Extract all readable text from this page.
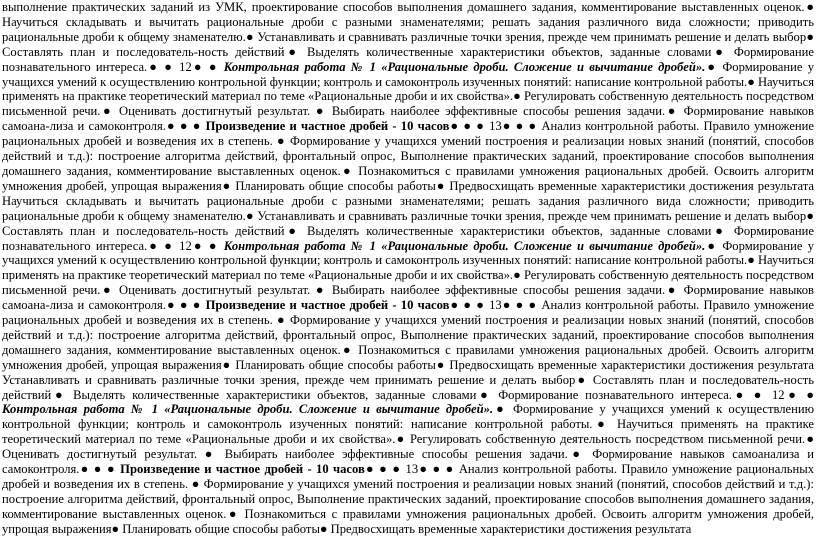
выполнение практических заданий из УМК, проектирование способов выполнения домашнего задания, комментирование выставленных оценок.● Научиться складывать и вычитать рациональные дроби с разными знаменателями; решать задания различного вида сложности; приводить рациональные дроби к общему знаменателю.● Устанавливать и сравнивать различные точки зрения, прежде чем принимать решение и делать выбор● Составлять план и последователь-ность действий● Выделять количественные характеристики объектов, заданные словами● Формирование познавательного интереса.● ● 12● ● Контрольная работа № 1 «Рациональные дроби. Сложение и вычитание дробей».● Формирование у учащихся умений к осуществлению контрольной функции; контроль и самоконтроль изученных понятий: написание контрольной работы.● Научиться применять на практике теоретический материал по теме «Рациональные дроби и их свойства».● Регулировать собственную деятельность посредством письменной речи.● Оценивать достигнутый результат. ● Выбирать наиболее эффективные способы решения задачи.● Формирование навыков самоана-лиза и самоконтроля.● ● ● Произведение и частное дробей - 10 часов● ● ● 13● ● ● Анализ контрольной работы. Правило умножение рациональных дробей и возведения их в степень. ● Формирование у учащихся умений построения и реализации новых знаний (понятий, способов действий и т.д.): построение алгоритма действий, фронтальный опрос, Выполнение практических заданий, проектирование способов выполнения домашнего задания, комментирование выставленных оценок.● Познакомиться с правилами умножения рациональных дробей. Освоить алгоритм умножения дробей, упрощая выражения● Планировать общие способы работы● Предвосхищать временные характеристики достижения результата Научиться складывать и вычитать рациональные дроби с разными знаменателями; решать задания различного вида сложности; приводить рациональные дроби к общему знаменателю.● Устанавливать и сравнивать различные точки зрения, прежде чем принимать решение и делать выбор● Составлять план и последователь-ность действий● Выделять количественные характеристики объектов, заданные словами● Формирование познавательного интереса.● ● 12● ● Контрольная работа № 1 «Рациональные дроби. Сложение и вычитание дробей».● Формирование у учащихся умений к осуществлению контрольной функции; контроль и самоконтроль изученных понятий: написание контрольной работы.● Научиться применять на практике теоретический материал по теме «Рациональные дроби и их свойства».● Регулировать собственную деятельность посредством письменной речи.● Оценивать достигнутый результат. ● Выбирать наиболее эффективные способы решения задачи.● Формирование навыков самоана-лиза и самоконтроля.● ● ● Произведение и частное дробей - 10 часов● ● ● 13● ● ● Анализ контрольной работы. Правило умножение рациональных дробей и возведения их в степень. ● Формирование у учащихся умений построения и реализации новых знаний (понятий, способов действий и т.д.): построение алгоритма действий, фронтальный опрос, Выполнение практических заданий, проектирование способов выполнения домашнего задания, комментирование выставленных оценок.● Познакомиться с правилами умножения рациональных дробей. Освоить алгоритм умножения дробей, упрощая выражения● Планировать общие способы работы● Предвосхищать временные характеристики достижения результата Устанавливать и сравнивать различные точки зрения, прежде чем принимать решение и делать выбор● Составлять план и последователь-ность действий● Выделять количественные характеристики объектов, заданные словами● Формирование познавательного интереса.● ● 12● ● Контрольная работа № 1 «Рациональные дроби. Сложение и вычитание дробей».● Формирование у учащихся умений к осуществлению контрольной функции; контроль и самоконтроль изученных понятий: написание контрольной работы.● Научиться применять на практике теоретический материал по теме «Рациональные дроби и их свойства».● Регулировать собственную деятельность посредством письменной речи.● Оценивать достигнутый результат. ● Выбирать наиболее эффективные способы решения задачи.● Формирование навыков самоанализа и самоконтроля.● ● ● Произведение и частное дробей - 10 часов● ● ● 13● ● ● Анализ контрольной работы. Правило умножение рациональных дробей и возведения их в степень. ● Формирование у учащихся умений построения и реализации новых знаний (понятий, способов действий и т.д.): построение алгоритма действий, фронтальный опрос, Выполнение практических заданий, проектирование способов выполнения домашнего задания, комментирование выставленных оценок.● Познакомиться с правилами умножения рациональных дробей. Освоить алгоритм умножения дробей, упрощая выражения● Планировать общие способы работы● Предвосхищать временные характеристики достижения результата
